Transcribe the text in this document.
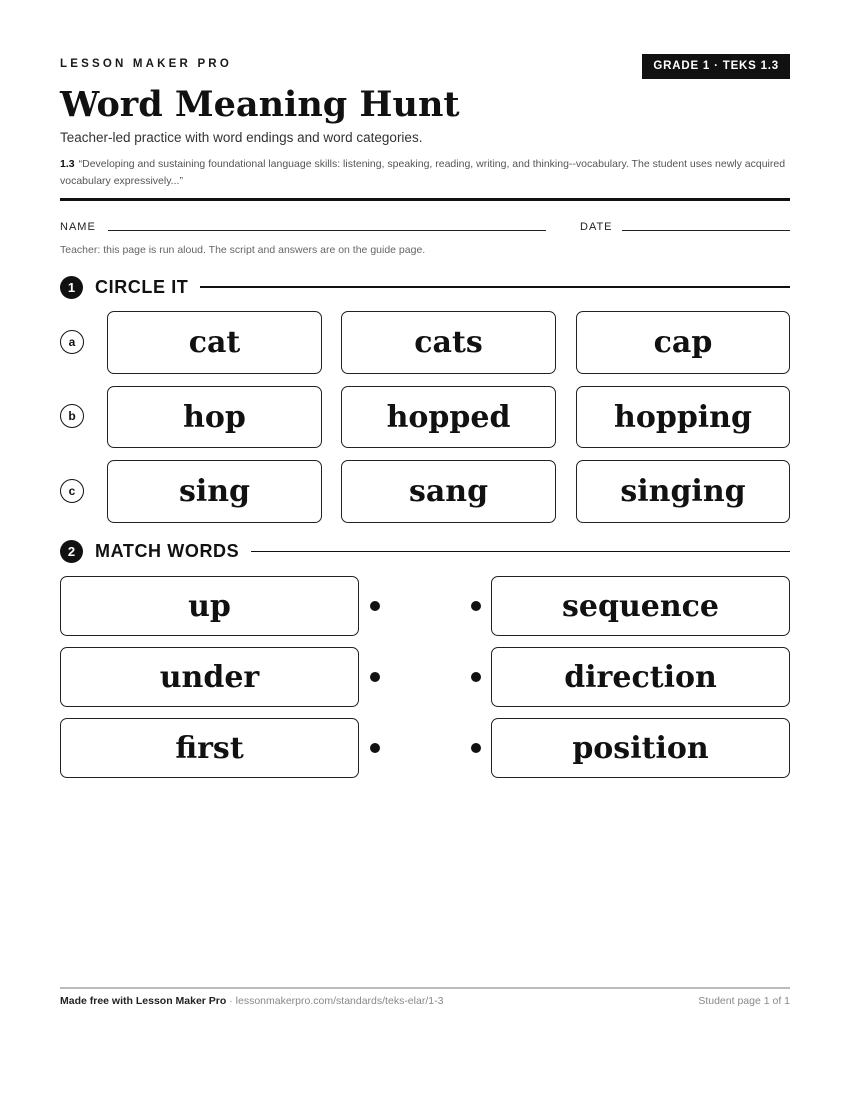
LESSON MAKER PRO	GRADE 1 · TEKS 1.3
Word Meaning Hunt
Teacher-led practice with word endings and word categories.
1.3 “Developing and sustaining foundational language skills: listening, speaking, reading, writing, and thinking--vocabulary. The student uses newly acquired vocabulary expressively...”
NAME	DATE
Teacher: this page is run aloud. The script and answers are on the guide page.
1	CIRCLE IT
a	cat	cats	cap
b	hop	hopped	hopping
c	sing	sang	singing
2	MATCH WORDS
up	sequence
under	direction
first	position
Made free with Lesson Maker Pro · lessonmakerpro.com/standards/teks-elar/1-3	Student page 1 of 1
